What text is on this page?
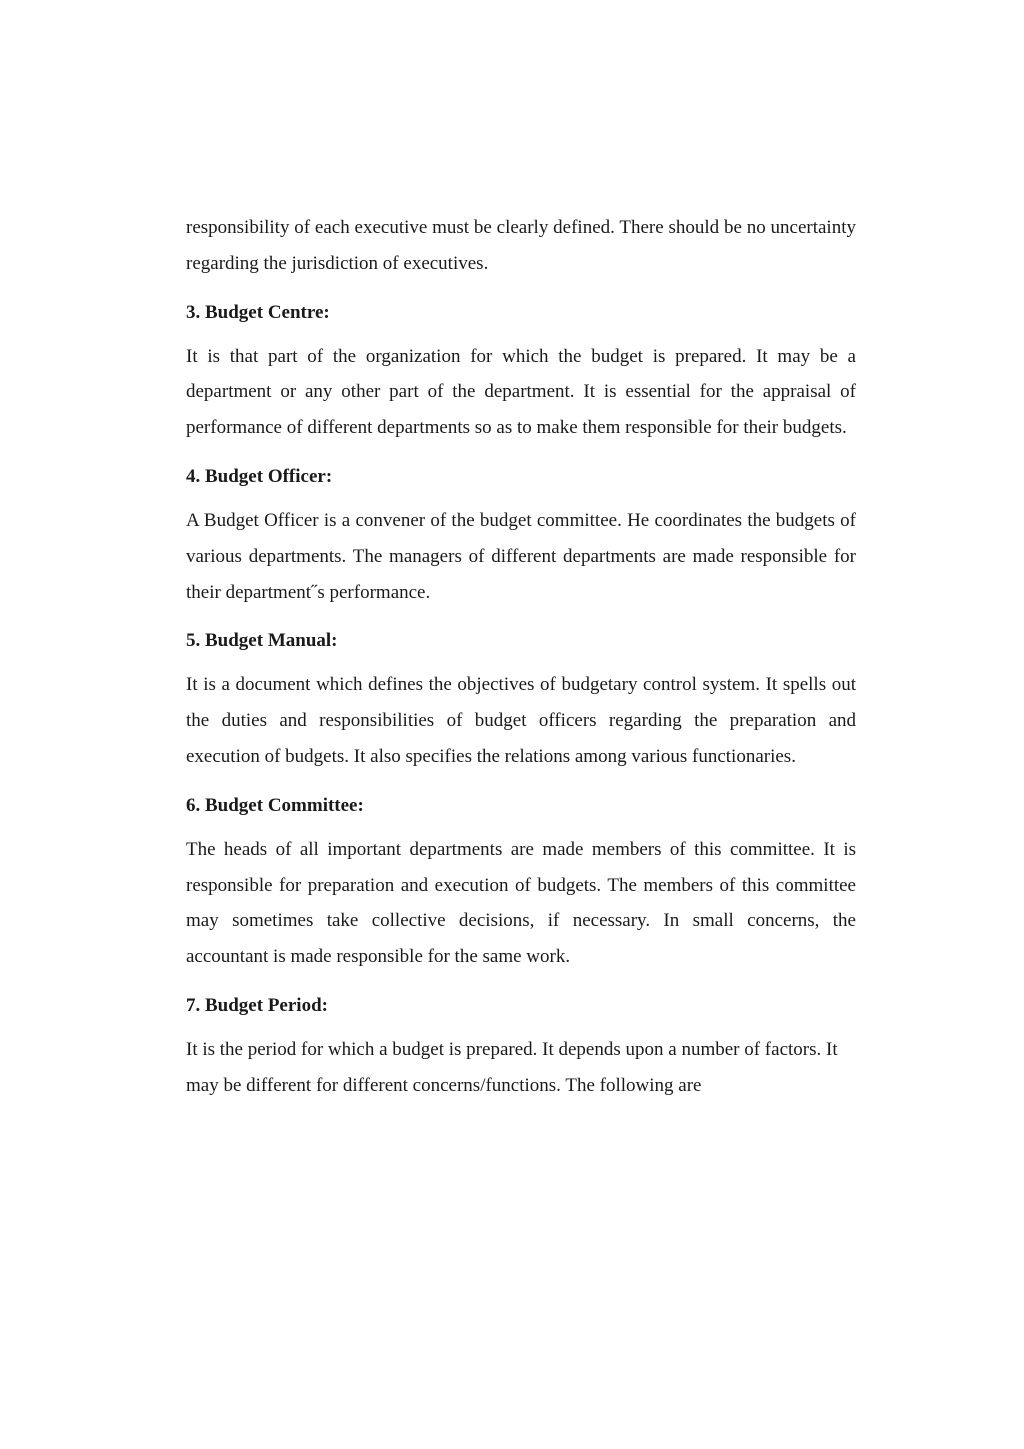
responsibility of each executive must be clearly defined. There should be no uncertainty regarding the jurisdiction of executives.

3. Budget Centre:

It is that part of the organization for which the budget is prepared. It may be a department or any other part of the department. It is essential for the appraisal of performance of different departments so as to make them responsible for their budgets.

4. Budget Officer:

A Budget Officer is a convener of the budget committee. He coordinates the budgets of various departments. The managers of different departments are made responsible for their department˝s performance.

5. Budget Manual:

It is a document which defines the objectives of budgetary control system. It spells out the duties and responsibilities of budget officers regarding the preparation and execution of budgets. It also specifies the relations among various functionaries.

6. Budget Committee:

The heads of all important departments are made members of this committee. It is responsible for preparation and execution of budgets. The members of this committee may sometimes take collective decisions, if necessary. In small concerns, the accountant is made responsible for the same work.

7. Budget Period:

It is the period for which a budget is prepared. It depends upon a number of factors. It may be different for different concerns/functions. The following are
